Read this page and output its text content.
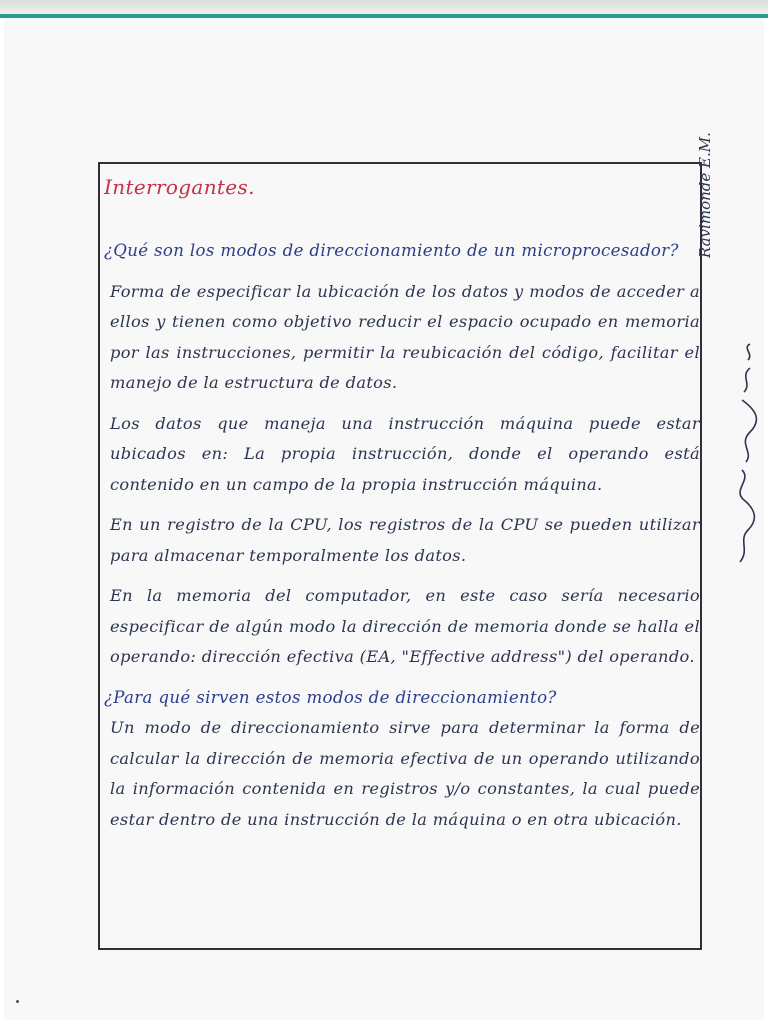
Interrogantes.
¿Qué son los modos de direccionamiento de un microprocesador?
Forma de especificar la ubicación de los datos y modos de acceder a ellos y tienen como objetivo reducir el espacio ocupado en memoria por las instrucciones, permitir la reubicación del código, facilitar el manejo de la estructura de datos.
Los datos que maneja una instrucción máquina puede estar ubicados en: La propia instrucción, donde el operando está contenido en un campo de la propia instrucción máquina.
En un registro de la CPU, los registros de la CPU se pueden utilizar para almacenar temporalmente los datos.
En la memoria del computador, en este caso sería necesario especificar de algún modo la dirección de memoria donde se halla el operando: dirección efectiva (EA, "Effective address") del operando.
¿Para qué sirven estos modos de direccionamiento?
Un modo de direccionamiento sirve para determinar la forma de calcular la dirección de memoria efectiva de un operando utilizando la información contenida en registros y/o constantes, la cual puede estar dentro de una instrucción de la máquina o en otra ubicación.
Ravimonde E.M.
